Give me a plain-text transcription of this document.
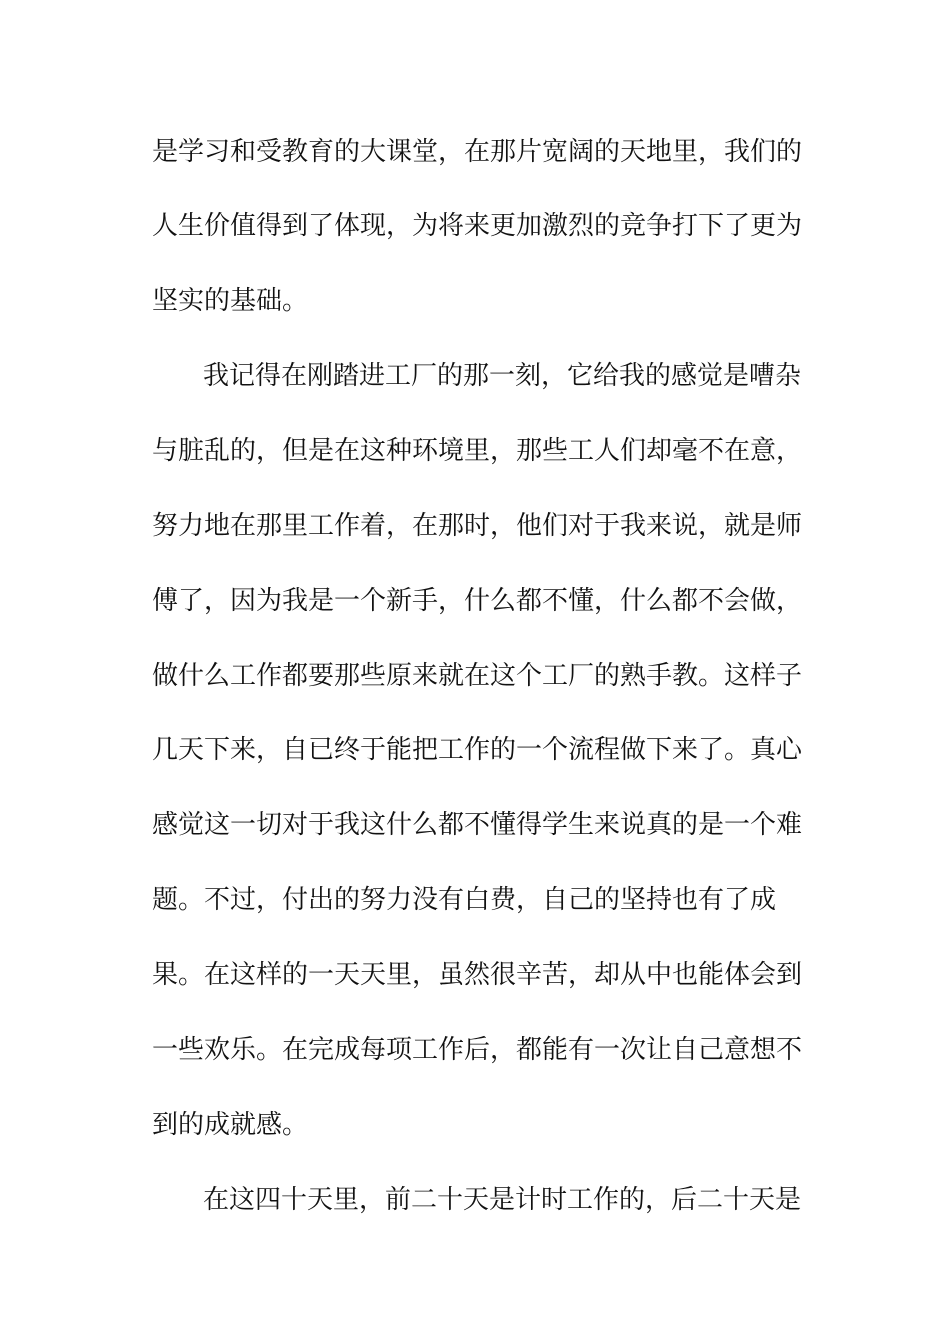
是学习和受教育的大课堂，在那片宽阔的天地里，我们的
人生价值得到了体现，为将来更加激烈的竞争打下了更为
坚实的基础。
我记得在刚踏进工厂的那一刻，它给我的感觉是嘈杂
与脏乱的，但是在这种环境里，那些工人们却毫不在意，
努力地在那里工作着，在那时，他们对于我来说，就是师
傅了，因为我是一个新手，什么都不懂，什么都不会做，
做什么工作都要那些原来就在这个工厂的熟手教。这样子
几天下来，自已终于能把工作的一个流程做下来了。真心
感觉这一切对于我这什么都不懂得学生来说真的是一个难
题。不过，付出的努力没有白费，自己的坚持也有了成
果。在这样的一天天里，虽然很辛苦，却从中也能体会到
一些欢乐。在完成每项工作后，都能有一次让自己意想不
到的成就感。
在这四十天里，前二十天是计时工作的，后二十天是
